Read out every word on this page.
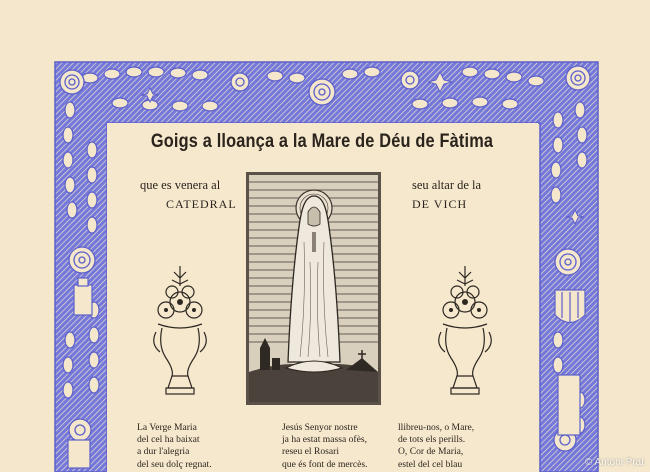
Goigs a lloança a la Mare de Déu de Fàtima
que es venera al
CATEDRAL
seu altar de la
DE VICH
La Verge Maria
del cel ha baixat
a dur l'alegria
del seu dolç regnat.
Jesús Senyor nostre
ja ha estat massa ofès,
reseu el Rosari
que és font de mercès.
llibreu-nos, o Mare,
de tots els perills.
O, Cor de Maria,
estel del cel blau	© Antoni Prat
